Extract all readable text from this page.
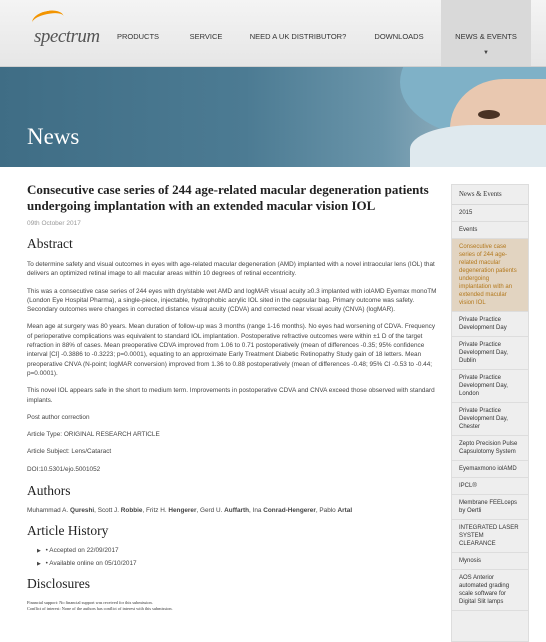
spectrum	PRODUCTS	SERVICE	NEED A UK DISTRIBUTOR?	DOWNLOADS	NEWS & EVENTS
▼
News
Consecutive case series of 244 age-related macular degeneration patients undergoing implantation with an extended macular vision IOL
09th October 2017
Abstract

To determine safety and visual outcomes in eyes with age-related macular degeneration (AMD) implanted with a novel intraocular lens (IOL) that delivers an optimized retinal image to all macular areas within 10 degrees of retinal eccentricity.

This was a consecutive case series of 244 eyes with dry/stable wet AMD and logMAR visual acuity ≥0.3 implanted with iolAMD Eyemax monoTM (London Eye Hospital Pharma), a single-piece, injectable, hydrophobic acrylic IOL sited in the capsular bag. Primary outcome was safety. Secondary outcomes were changes in corrected distance visual acuity (CDVA) and corrected near visual acuity (CNVA) (logMAR).

Mean age at surgery was 80 years. Mean duration of follow-up was 3 months (range 1-16 months). No eyes had worsening of CDVA. Frequency of perioperative complications was equivalent to standard IOL implantation. Postoperative refractive outcomes were within ±1 D of the target refraction in 88% of cases. Mean preoperative CDVA improved from 1.06 to 0.71 postoperatively (mean of differences -0.35; 95% confidence interval [CI] -0.3886 to -0.3223; p=0.0001), equating to an approximate Early Treatment Diabetic Retinopathy Study gain of 18 letters. Mean preoperative CNVA (N-point; logMAR conversion) improved from 1.36 to 0.88 postoperatively (mean of differences -0.48; 95% CI -0.53 to -0.44; p=0.0001).

This novel IOL appears safe in the short to medium term. Improvements in postoperative CDVA and CNVA exceed those observed with standard implants.

Post author correction

Article Type: ORIGINAL RESEARCH ARTICLE

Article Subject: Lens/Cataract

DOI:10.5301/ejo.5001052

Authors

Muhammad A. Qureshi, Scott J. Robbie, Fritz H. Hengerer, Gerd U. Auffarth, Ina Conrad-Hengerer, Pablo Artal

Article History
▶ • Accepted on 22/09/2017
▶ • Available online on 05/10/2017
Disclosures
Financial support: No financial support was received for this submission.
Conflict of interest: None of the authors has conflict of interest with this submission.
News & Events
2015
Events
Consecutive case series of 244 age-related macular degeneration patients undergoing implantation with an extended macular vision IOL
Private Practice Development Day
Private Practice Development Day, Dublin
Private Practice Development Day, London
Private Practice Development Day, Chester
Zepto Precision Pulse Capsulotomy System
Eyemaxmono iolAMD
IPCL®
Membrane FEELceps by Oertli
INTEGRATED LASER SYSTEM CLEARANCE
Mynosis
AOS Anterior automated grading scale software for Digital Slit lamps
